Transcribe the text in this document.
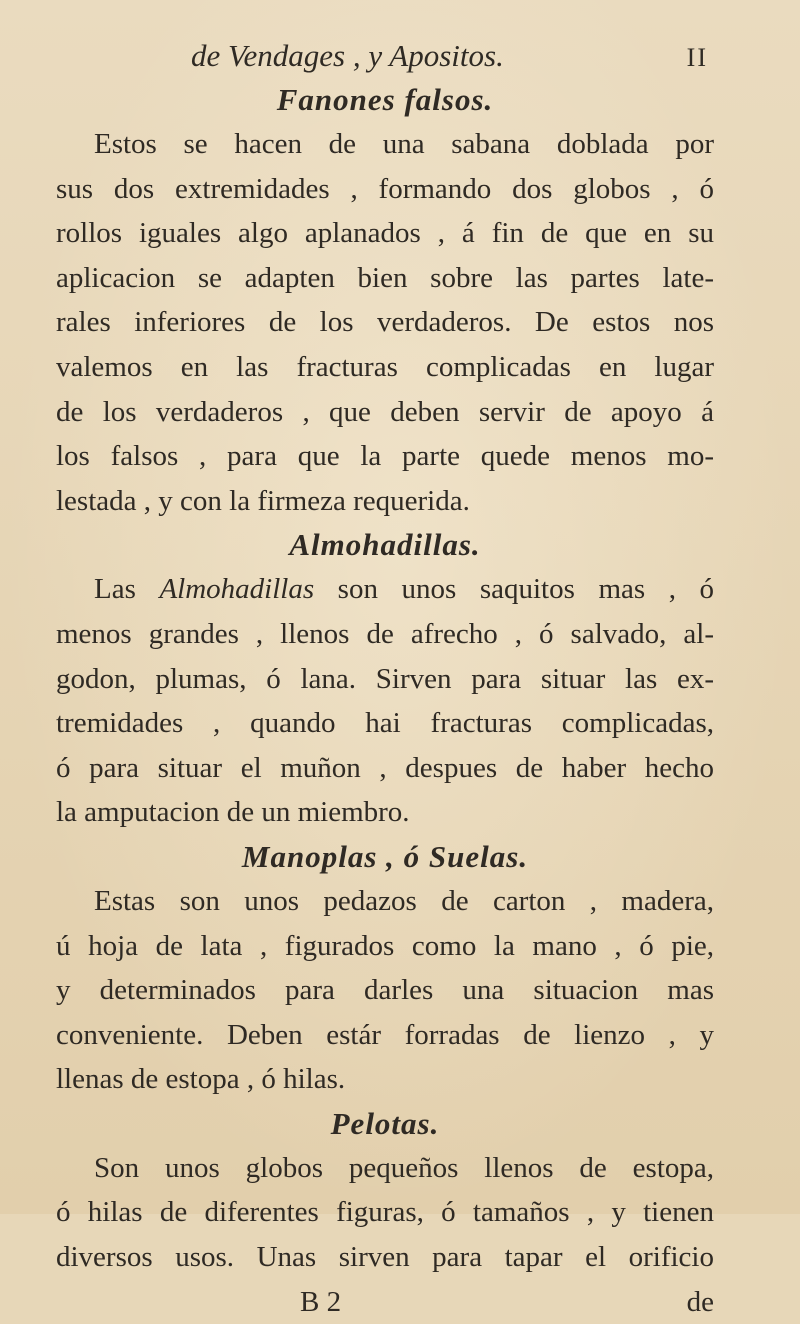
de Vendages , y Apositos.	II
Fanones falsos.
Estos se hacen de una sabana doblada por
sus dos extremidades , formando dos globos , ó
rollos iguales algo aplanados , á fin de que en su
aplicacion se adapten bien sobre las partes late-
rales inferiores de los verdaderos. De estos nos
valemos en las fracturas complicadas en lugar
de los verdaderos , que deben servir de apoyo á
los falsos , para que la parte quede menos mo-
lestada , y con la firmeza requerida.
Almohadillas.
Las Almohadillas son unos saquitos mas , ó
menos grandes , llenos de afrecho , ó salvado, al-
godon, plumas, ó lana. Sirven para situar las ex-
tremidades , quando hai fracturas complicadas,
ó para situar el muñon , despues de haber hecho
la amputacion de un miembro.
Manoplas , ó Suelas.
Estas son unos pedazos de carton , madera,
ú hoja de lata , figurados como la mano , ó pie,
y determinados para darles una situacion mas
conveniente. Deben estár forradas de lienzo , y
llenas de estopa , ó hilas.
Pelotas.
Son unos globos pequeños llenos de estopa,
ó hilas de diferentes figuras, ó tamaños , y tienen
diversos usos. Unas sirven para tapar el orificio
B 2	de
